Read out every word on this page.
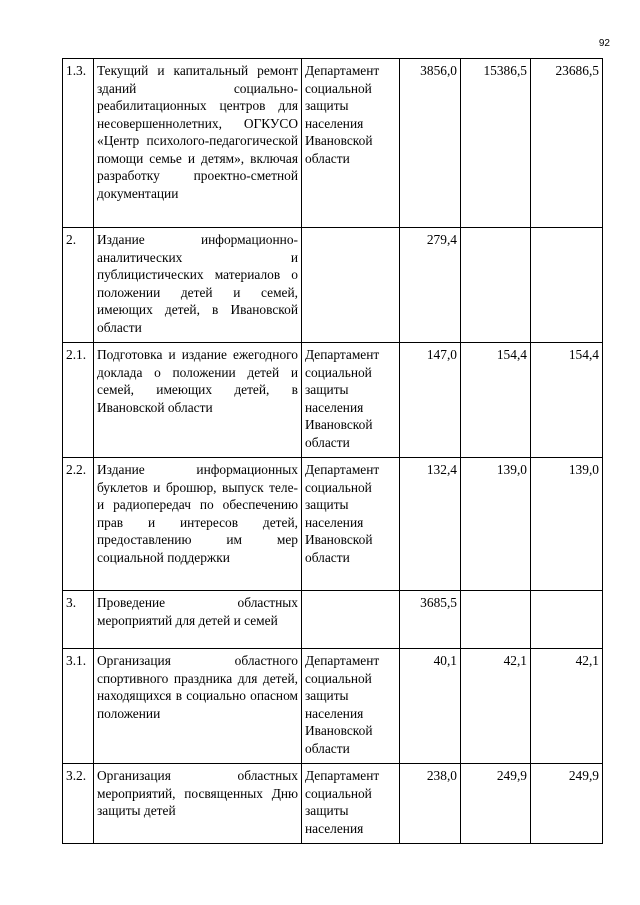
92
1.3.	Текущий и капитальный ремонт зданий социально-реабилитационных центров для несовершеннолетних, ОГКУСО «Центр психолого-педагогической помощи семье и детям», включая разработку проектно-сметной документации	Департамент социальной защиты населения Ивановской области	3856,0	15386,5	23686,5
2.	Издание информационно-аналитических и публицистических материалов о положении детей и семей, имеющих детей, в Ивановской области		279,4		
2.1.	Подготовка и издание ежегодного доклада о положении детей и семей, имеющих детей, в Ивановской области	Департамент социальной защиты населения Ивановской области	147,0	154,4	154,4
2.2.	Издание информационных буклетов и брошюр, выпуск теле- и радиопередач по обеспечению прав и интересов детей, предоставлению им мер социальной поддержки	Департамент социальной защиты населения Ивановской области	132,4	139,0	139,0
3.	Проведение областных мероприятий для детей и семей		3685,5		
3.1.	Организация областного спортивного праздника для детей, находящихся в социально опасном положении	Департамент социальной защиты населения Ивановской области	40,1	42,1	42,1
3.2.	Организация областных мероприятий, посвященных Дню защиты детей	Департамент социальной защиты населения	238,0	249,9	249,9
